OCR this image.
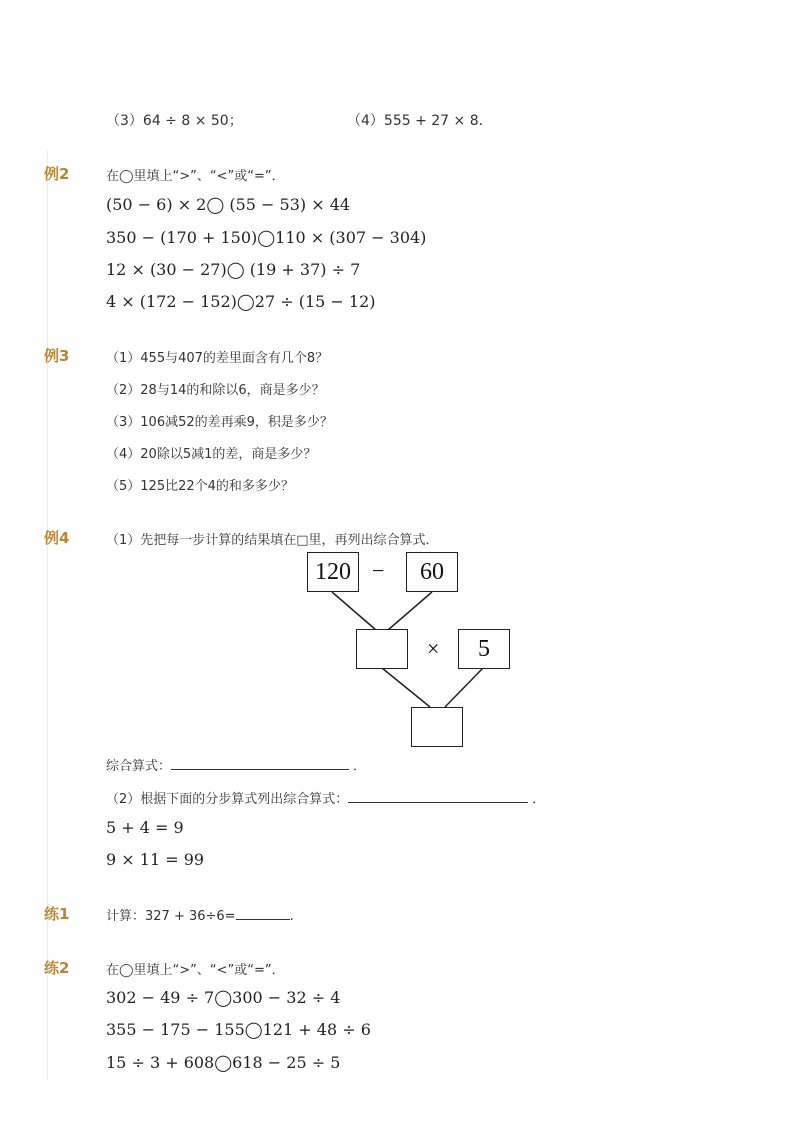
（3）64 ÷ 8 × 50；	（4）555 + 27 × 8．
例2	在◯里填上“>”、“<”或“=”．
(50 − 6) × 2◯ (55 − 53) × 44
350 − (170 + 150)◯110 × (307 − 304)
12 × (30 − 27)◯ (19 + 37) ÷ 7
4 × (172 − 152)◯27 ÷ (15 − 12)
例3	（1）455与407的差里面含有几个8？
（2）28与14的和除以6，商是多少？
（3）106减52的差再乘9，积是多少？
（4）20除以5减1的差，商是多少？
（5）125比22个4的和多多少？
例4	（1）先把每一步计算的结果填在□里，再列出综合算式．
120 −	60
×	5
综合算式：	．
（2）根据下面的分步算式列出综合算式：	．
5 + 4 = 9
9 × 11 = 99
练1	计算：327 + 36÷6=	.
练2	在◯里填上“>”、“<”或“=”．
302 − 49 ÷ 7◯300 − 32 ÷ 4
355 − 175 − 155◯121 + 48 ÷ 6
15 ÷ 3 + 608◯618 − 25 ÷ 5
